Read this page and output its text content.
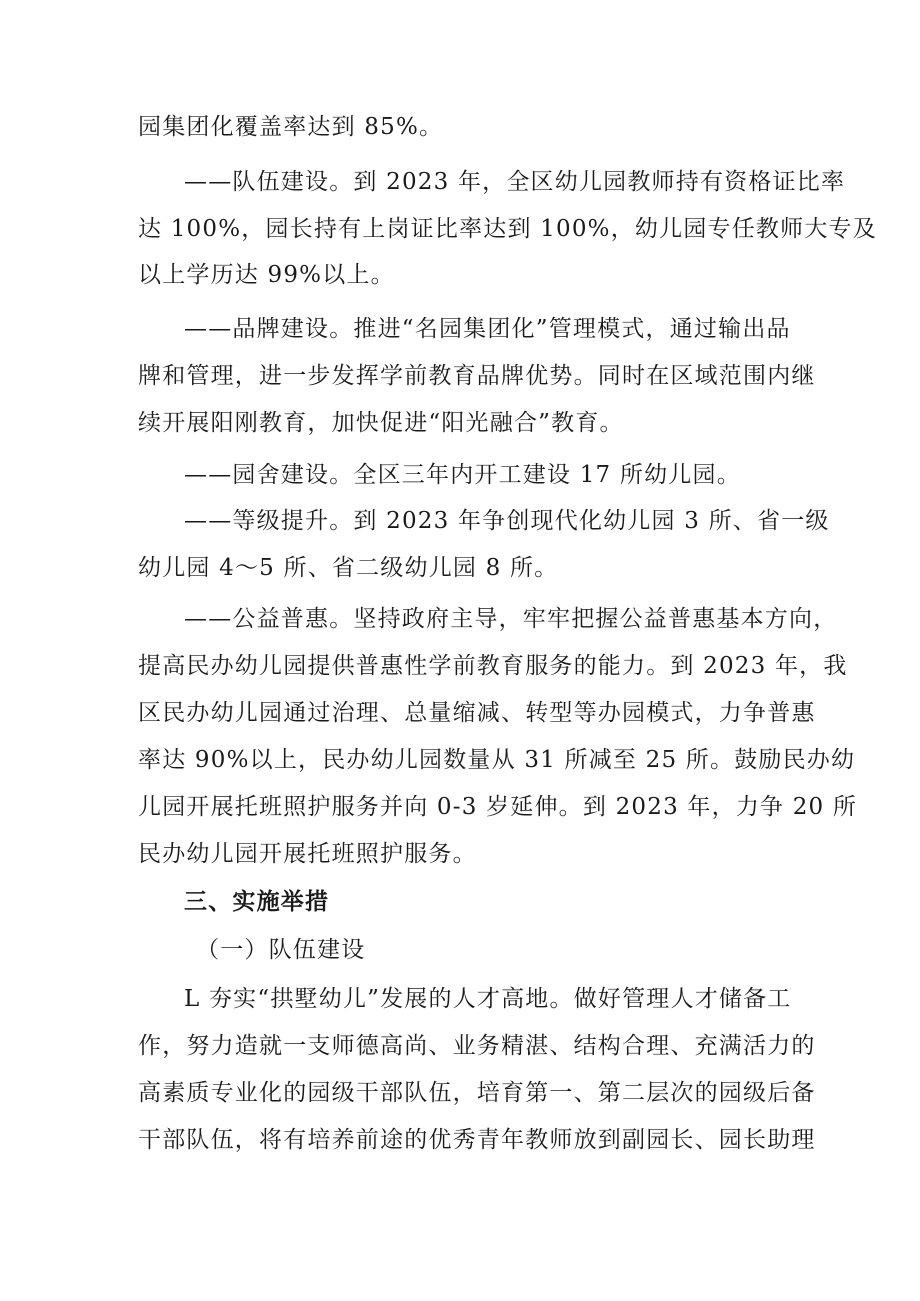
园集团化覆盖率达到 85%。
——队伍建设。到 2023 年，全区幼儿园教师持有资格证比率
达 100%，园长持有上岗证比率达到 100%，幼儿园专任教师大专及
以上学历达 99%以上。
——品牌建设。推进“名园集团化”管理模式，通过输出品
牌和管理，进一步发挥学前教育品牌优势。同时在区域范围内继
续开展阳刚教育，加快促进“阳光融合”教育。
——园舍建设。全区三年内开工建设 17 所幼儿园。
——等级提升。到 2023 年争创现代化幼儿园 3 所、省一级
幼儿园 4～5 所、省二级幼儿园 8 所。
——公益普惠。坚持政府主导，牢牢把握公益普惠基本方向，
提高民办幼儿园提供普惠性学前教育服务的能力。到 2023 年，我
区民办幼儿园通过治理、总量缩减、转型等办园模式，力争普惠
率达 90%以上，民办幼儿园数量从 31 所减至 25 所。鼓励民办幼
儿园开展托班照护服务并向 0-3 岁延伸。到 2023 年，力争 20 所
民办幼儿园开展托班照护服务。
三、实施举措
（一）队伍建设
L 夯实“拱墅幼儿”发展的人才高地。做好管理人才储备工
作，努力造就一支师德高尚、业务精湛、结构合理、充满活力的
高素质专业化的园级干部队伍，培育第一、第二层次的园级后备
干部队伍，将有培养前途的优秀青年教师放到副园长、园长助理
